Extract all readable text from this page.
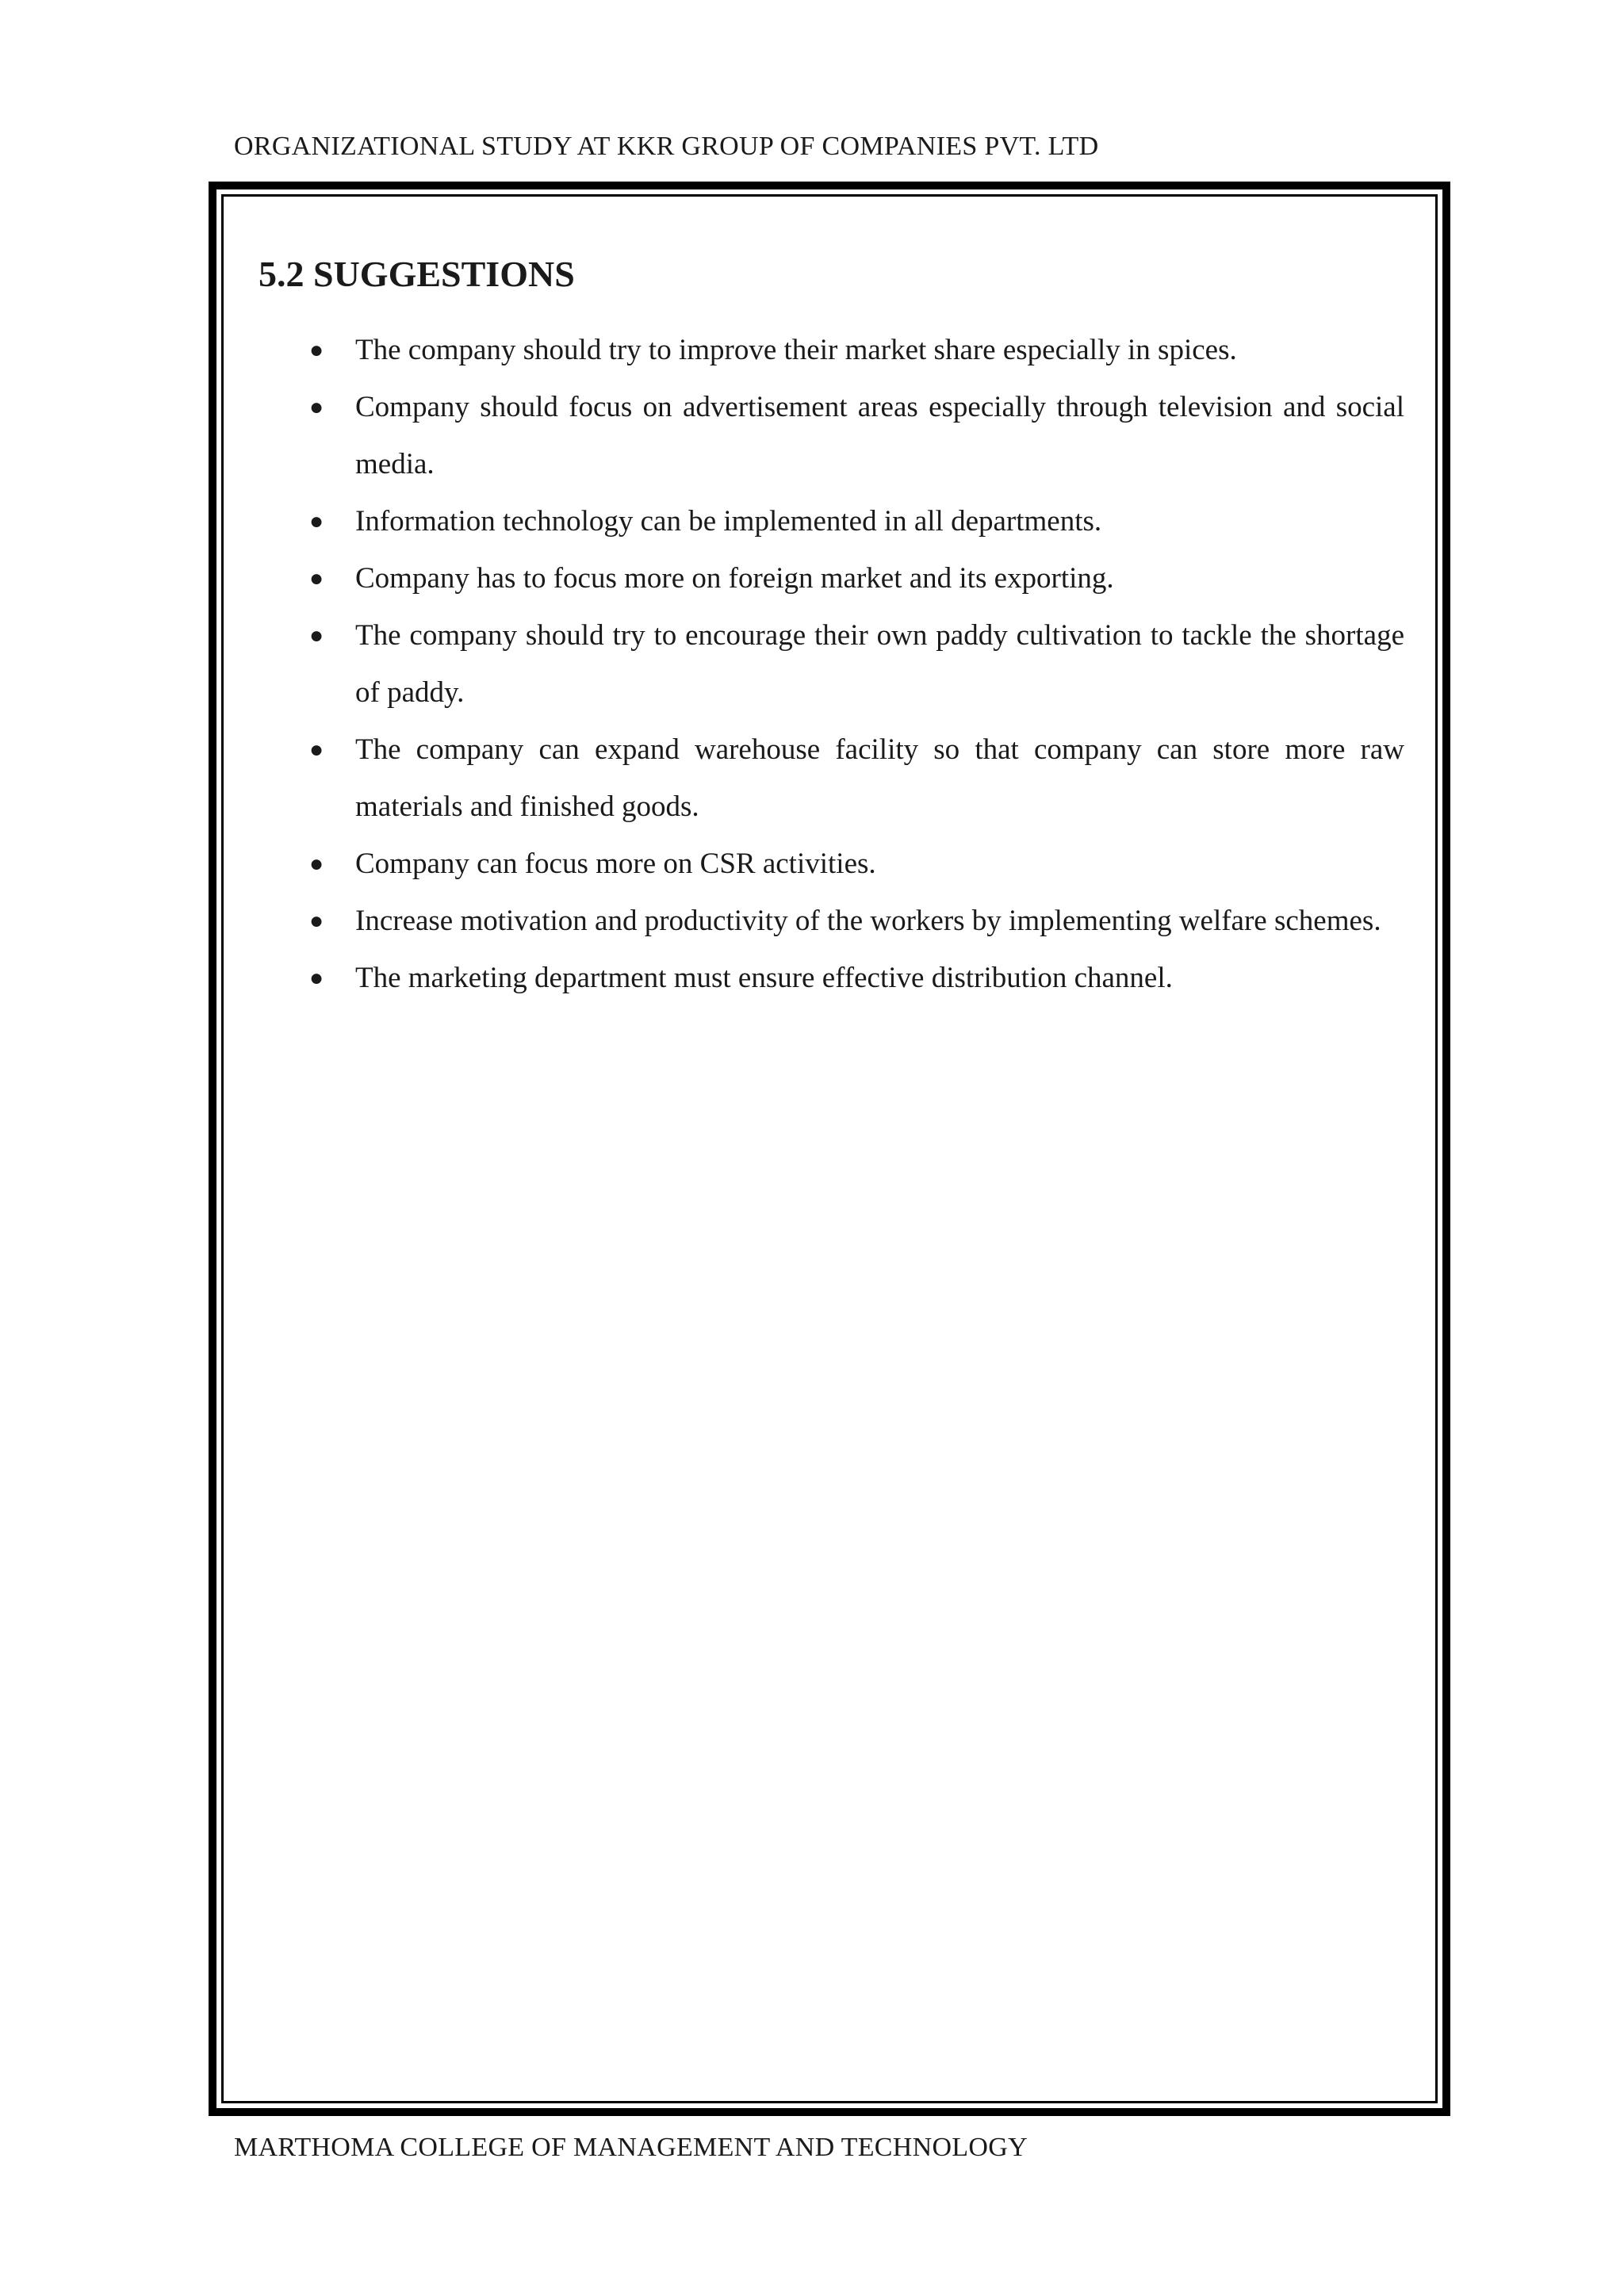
ORGANIZATIONAL STUDY AT KKR GROUP OF COMPANIES PVT. LTD
5.2 SUGGESTIONS
● The company should try to improve their market share especially in spices.
● Company should focus on advertisement areas especially through television and social media.
● Information technology can be implemented in all departments.
● Company has to focus more on foreign market and its exporting.
● The company should try to encourage their own paddy cultivation to tackle the shortage of paddy.
● The company can expand warehouse facility so that company can store more raw materials and finished goods.
● Company can focus more on CSR activities.
● Increase motivation and productivity of the workers by implementing welfare schemes.
● The marketing department must ensure effective distribution channel.
MARTHOMA COLLEGE OF MANAGEMENT AND TECHNOLOGY
